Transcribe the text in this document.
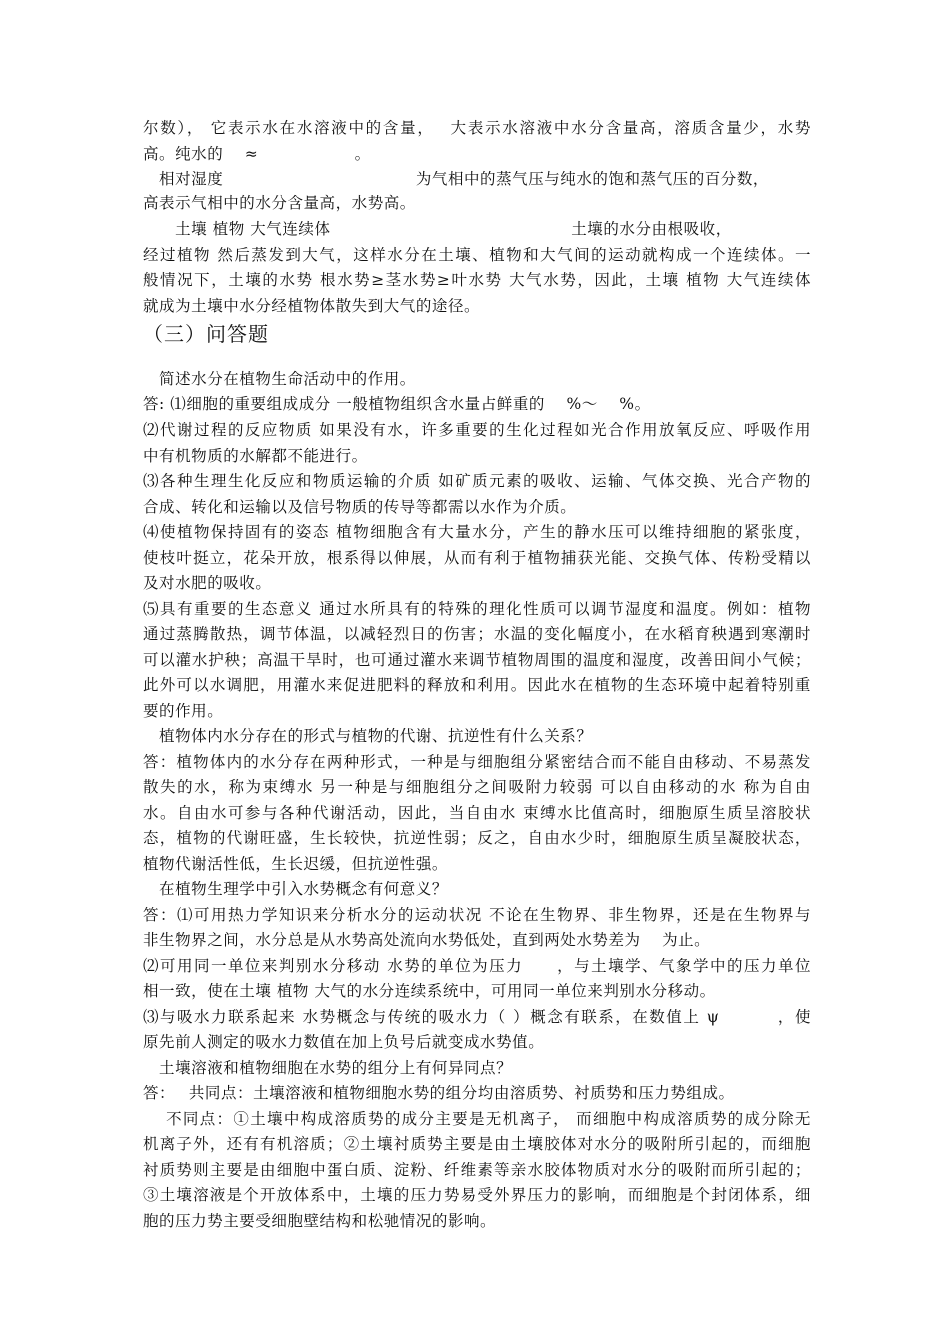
尔数）， 它表示水在水溶液中的含量，　 大表示水溶液中水分含量高，溶质含量少，水势
高。纯水的　 ≈　　　　　　。
　相对湿度　　　　　　　　　　　　为气相中的蒸气压与纯水的饱和蒸气压的百分数，
高表示气相中的水分含量高，水势高。
　　土壤 植物 大气连续体　　　　　　　　　　　　　　　土壤的水分由根吸收，
经过植物 然后蒸发到大气，这样水分在土壤、植物和大气间的运动就构成一个连续体。一
般情况下，土壤的水势 根水势≥茎水势≥叶水势 大气水势，因此，土壤 植物 大气连续体
就成为土壤中水分经植物体散失到大气的途径。
（三）问答题
　简述水分在植物生命活动中的作用。
答: ⑴细胞的重要组成成分 一般植物组织含水量占鲜重的　 %～　 %。
⑵代谢过程的反应物质 如果没有水，许多重要的生化过程如光合作用放氧反应、呼吸作用
中有机物质的水解都不能进行。
⑶各种生理生化反应和物质运输的介质 如矿质元素的吸收、运输、气体交换、光合产物的
合成、转化和运输以及信号物质的传导等都需以水作为介质。
⑷使植物保持固有的姿态 植物细胞含有大量水分，产生的静水压可以维持细胞的紧张度，
使枝叶挺立，花朵开放，根系得以伸展，从而有利于植物捕获光能、交换气体、传粉受精以
及对水肥的吸收。
⑸具有重要的生态意义 通过水所具有的特殊的理化性质可以调节湿度和温度。例如：植物
通过蒸腾散热，调节体温，以减轻烈日的伤害；水温的变化幅度小，在水稻育秧遇到寒潮时
可以灌水护秧；高温干旱时，也可通过灌水来调节植物周围的温度和湿度，改善田间小气候；
此外可以水调肥，用灌水来促进肥料的释放和利用。因此水在植物的生态环境中起着特别重
要的作用。
　植物体内水分存在的形式与植物的代谢、抗逆性有什么关系？
答：植物体内的水分存在两种形式，一种是与细胞组分紧密结合而不能自由移动、不易蒸发
散失的水，称为束缚水 另一种是与细胞组分之间吸附力较弱 可以自由移动的水 称为自由
水。自由水可参与各种代谢活动，因此，当自由水 束缚水比值高时，细胞原生质呈溶胶状
态，植物的代谢旺盛，生长较快，抗逆性弱；反之，自由水少时，细胞原生质呈凝胶状态，
植物代谢活性低，生长迟缓，但抗逆性强。
　在植物生理学中引入水势概念有何意义？
答：⑴可用热力学知识来分析水分的运动状况 不论在生物界、非生物界，还是在生物界与
非生物界之间，水分总是从水势高处流向水势低处，直到两处水势差为　 为止。
⑵可用同一单位来判别水分移动 水势的单位为压力　　，与土壤学、气象学中的压力单位
相一致，使在土壤 植物 大气的水分连续系统中，可用同一单位来判别水分移动。
⑶与吸水力联系起来 水势概念与传统的吸水力（ ）概念有联系，在数值上 ψ　　　 ，使
原先前人测定的吸水力数值在加上负号后就变成水势值。
　土壤溶液和植物细胞在水势的组分上有何异同点？
答：　 共同点：土壤溶液和植物细胞水势的组分均由溶质势、衬质势和压力势组成。
　 不同点：①土壤中构成溶质势的成分主要是无机离子， 而细胞中构成溶质势的成分除无
机离子外，还有有机溶质；②土壤衬质势主要是由土壤胶体对水分的吸附所引起的，而细胞
衬质势则主要是由细胞中蛋白质、淀粉、纤维素等亲水胶体物质对水分的吸附而所引起的；
③土壤溶液是个开放体系中，土壤的压力势易受外界压力的影响，而细胞是个封闭体系，细
胞的压力势主要受细胞壁结构和松驰情况的影响。
